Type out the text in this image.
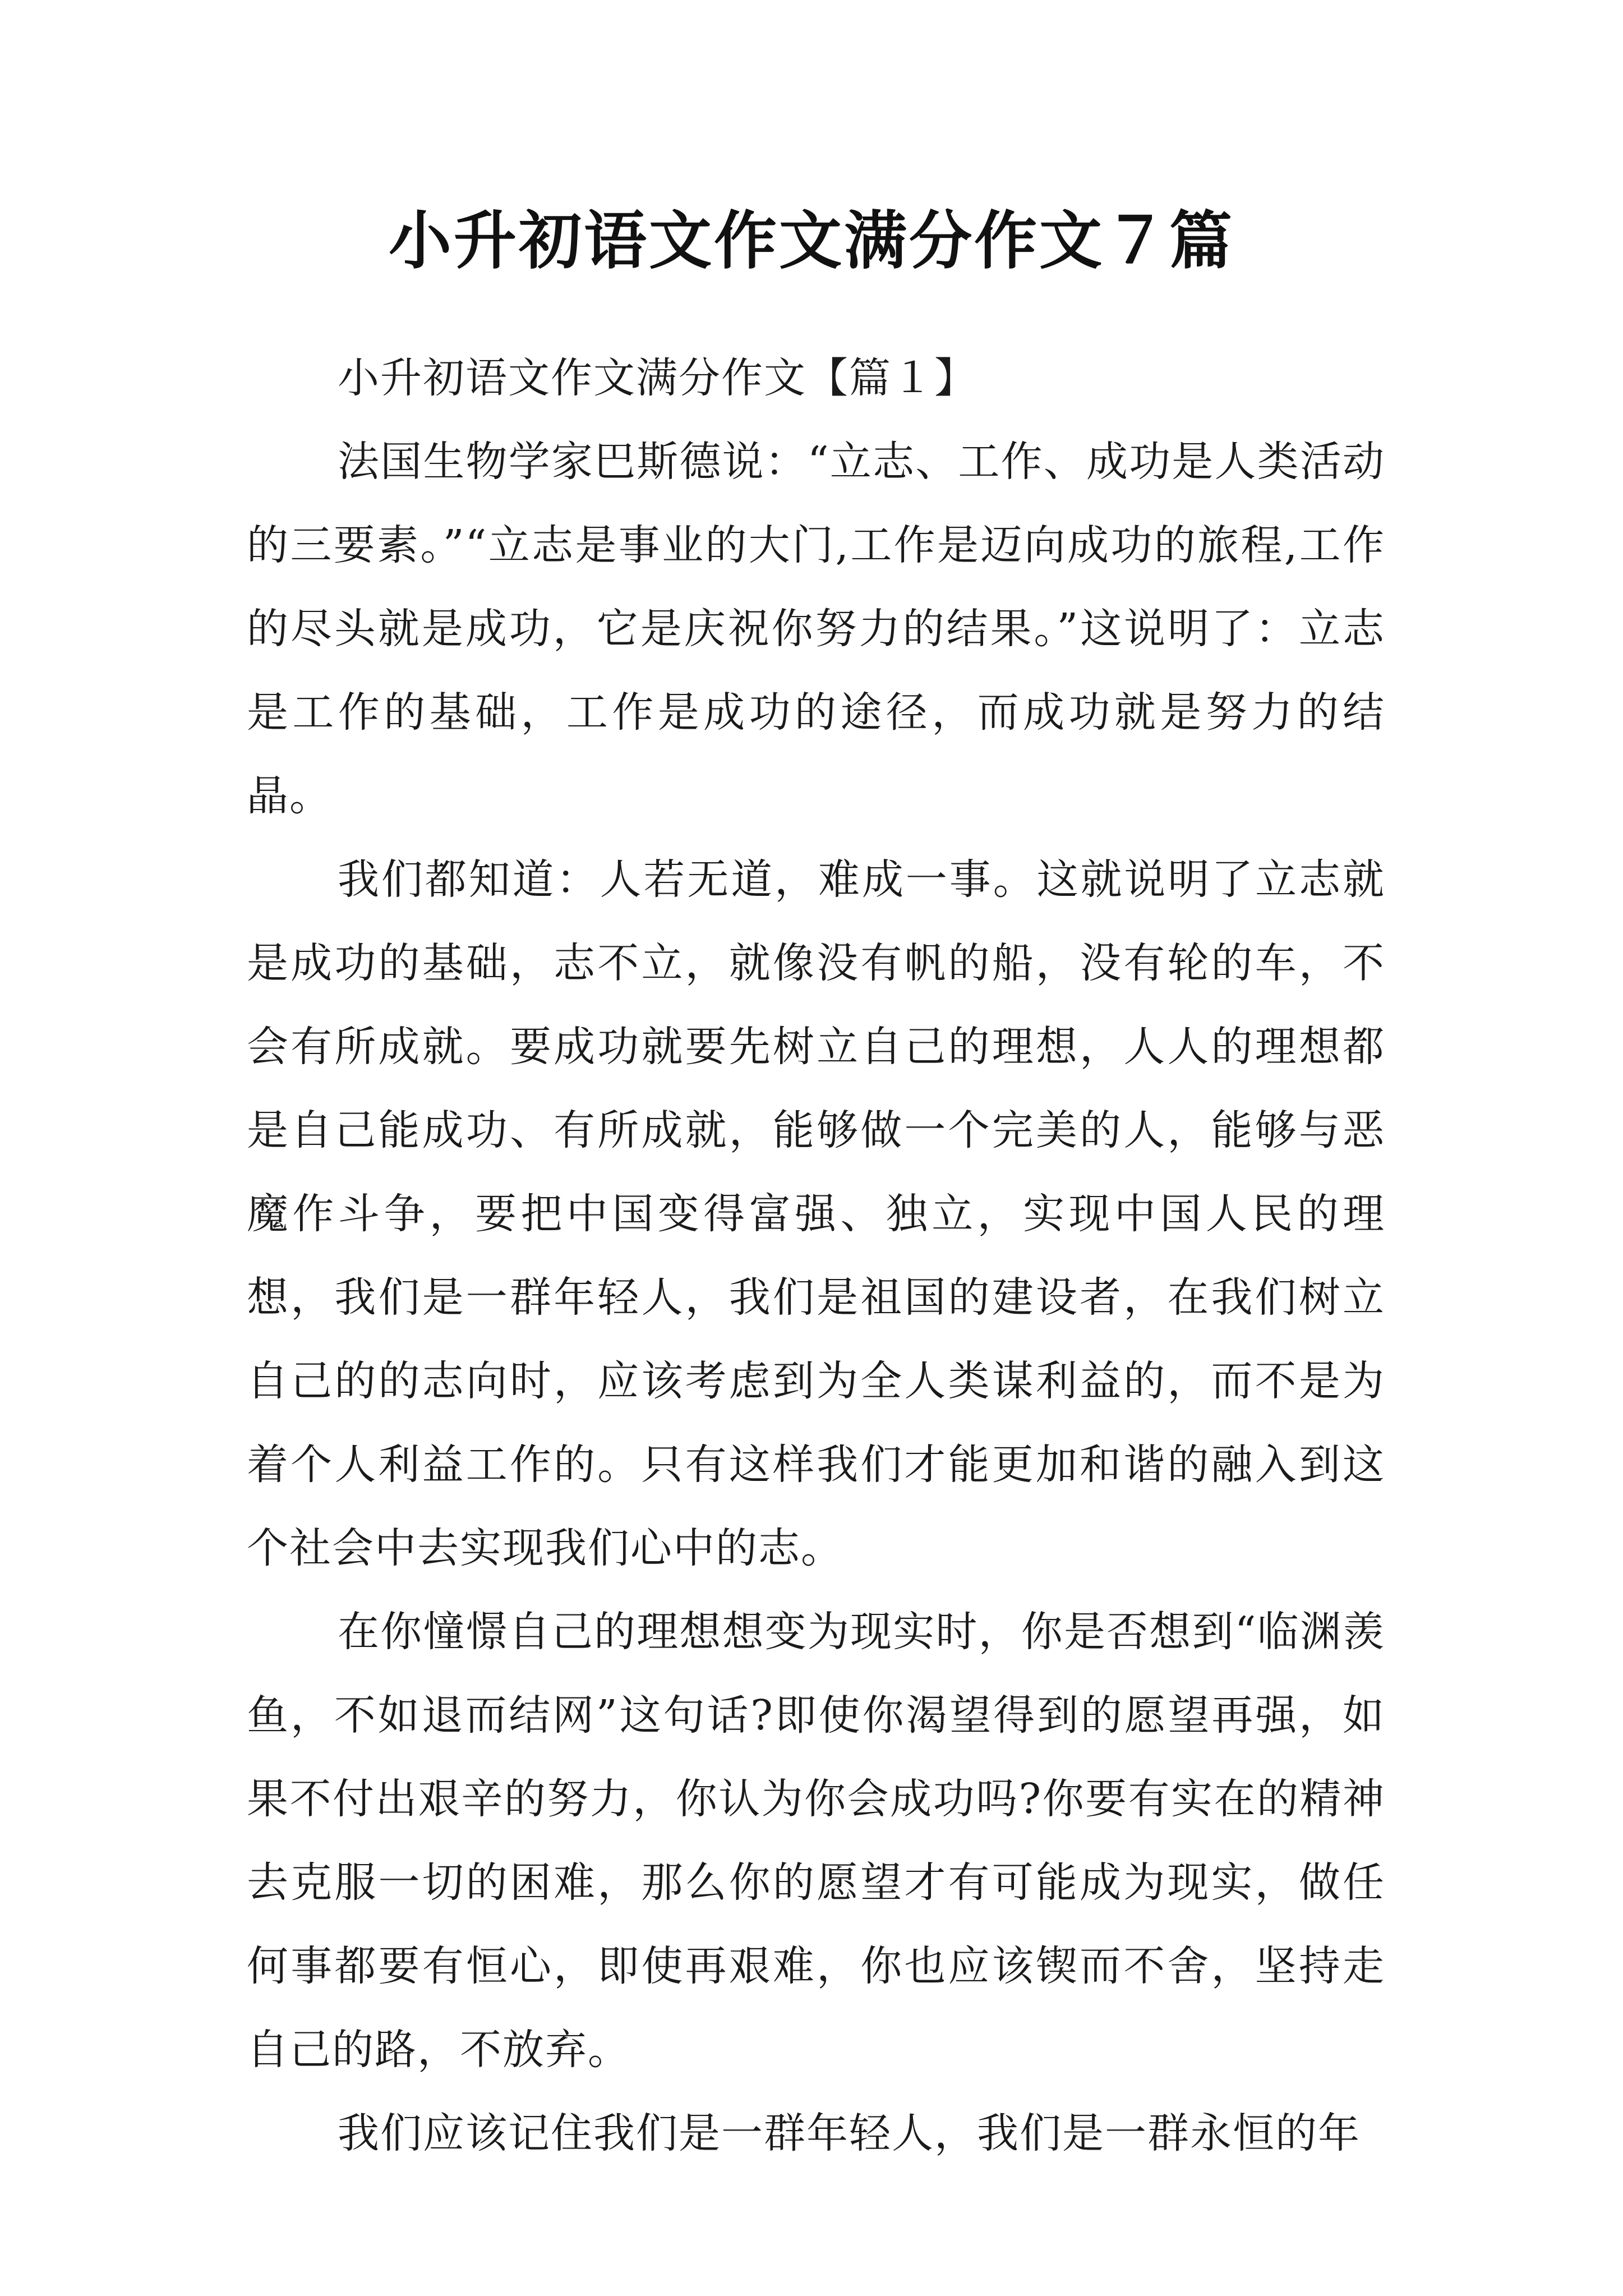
小升初语文作文满分作文７篇

小升初语文作文满分作文【篇１】

法国生物学家巴斯德说：“立志、工作、成功是人类活动的三要素。”“立志是事业的大门,工作是迈向成功的旅程,工作的尽头就是成功，它是庆祝你努力的结果。”这说明了：立志是工作的基础，工作是成功的途径，而成功就是努力的结晶。

我们都知道：人若无道，难成一事。这就说明了立志就是成功的基础，志不立，就像没有帆的船，没有轮的车，不会有所成就。要成功就要先树立自己的理想，人人的理想都是自己能成功、有所成就，能够做一个完美的人，能够与恶魔作斗争，要把中国变得富强、独立，实现中国人民的理想，我们是一群年轻人，我们是祖国的建设者，在我们树立自己的的志向时，应该考虑到为全人类谋利益的，而不是为着个人利益工作的。只有这样我们才能更加和谐的融入到这个社会中去实现我们心中的志。

在你憧憬自己的理想想变为现实时，你是否想到“临渊羡鱼，不如退而结网”这句话?即使你渴望得到的愿望再强，如果不付出艰辛的努力，你认为你会成功吗?你要有实在的精神去克服一切的困难，那么你的愿望才有可能成为现实，做任何事都要有恒心，即使再艰难，你也应该锲而不舍，坚持走自己的路，不放弃。

我们应该记住我们是一群年轻人，我们是一群永恒的年
